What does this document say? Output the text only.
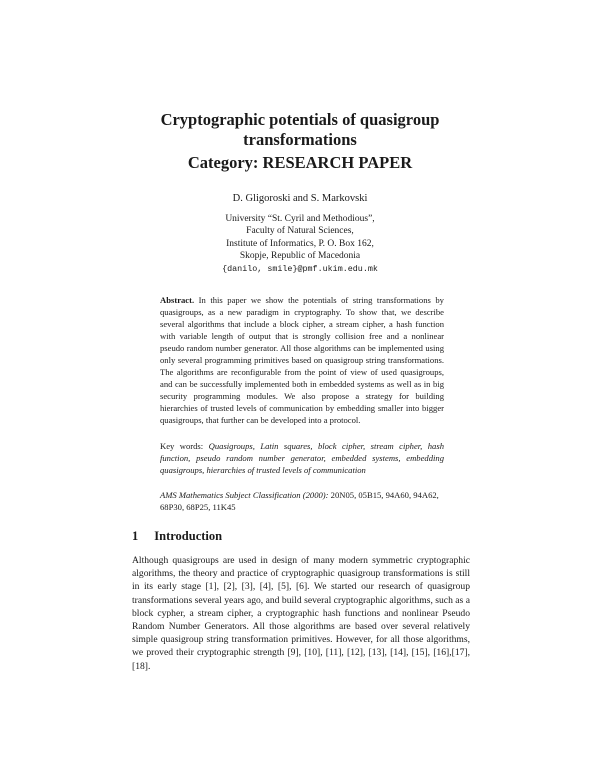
Cryptographic potentials of quasigroup
transformations
Category: RESEARCH PAPER
D. Gligoroski and S. Markovski
University “St. Cyril and Methodious”,
Faculty of Natural Sciences,
Institute of Informatics, P. O. Box 162,
Skopje, Republic of Macedonia
{danilo, smile}@pmf.ukim.edu.mk

Abstract. In this paper we show the potentials of string transformations by quasigroups, as a new paradigm in cryptography. To show that, we describe several algorithms that include a block cipher, a stream cipher, a hash function with variable length of output that is strongly collision free and a nonlinear pseudo random number generator. All those algorithms can be implemented using only several programming primitives based on quasigroup string transformations. The algorithms are reconfigurable from the point of view of used quasigroups, and can be successfully implemented both in embedded systems as well as in big security programming modules. We also propose a strategy for building hierarchies of trusted levels of communication by embedding smaller into bigger quasigroups, that further can be developed into a protocol.

Key words: Quasigroups, Latin squares, block cipher, stream cipher, hash function, pseudo random number generator, embedded systems, embedding quasigroups, hierarchies of trusted levels of communication

AMS Mathematics Subject Classification (2000): 20N05, 05B15, 94A60, 94A62, 68P30, 68P25, 11K45

1 Introduction

Although quasigroups are used in design of many modern symmetric cryptographic algorithms, the theory and practice of cryptographic quasigroup transformations is still in its early stage [1], [2], [3], [4], [5], [6]. We started our research of quasigroup transformations several years ago, and build several cryptographic algorithms, such as a block cypher, a stream cipher, a cryptographic hash functions and nonlinear Pseudo Random Number Generators. All those algorithms are based over several relatively simple quasigroup string transformation primitives. However, for all those algorithms, we proved their cryptographic strength [9], [10], [11], [12], [13], [14], [15], [16],[17], [18].
